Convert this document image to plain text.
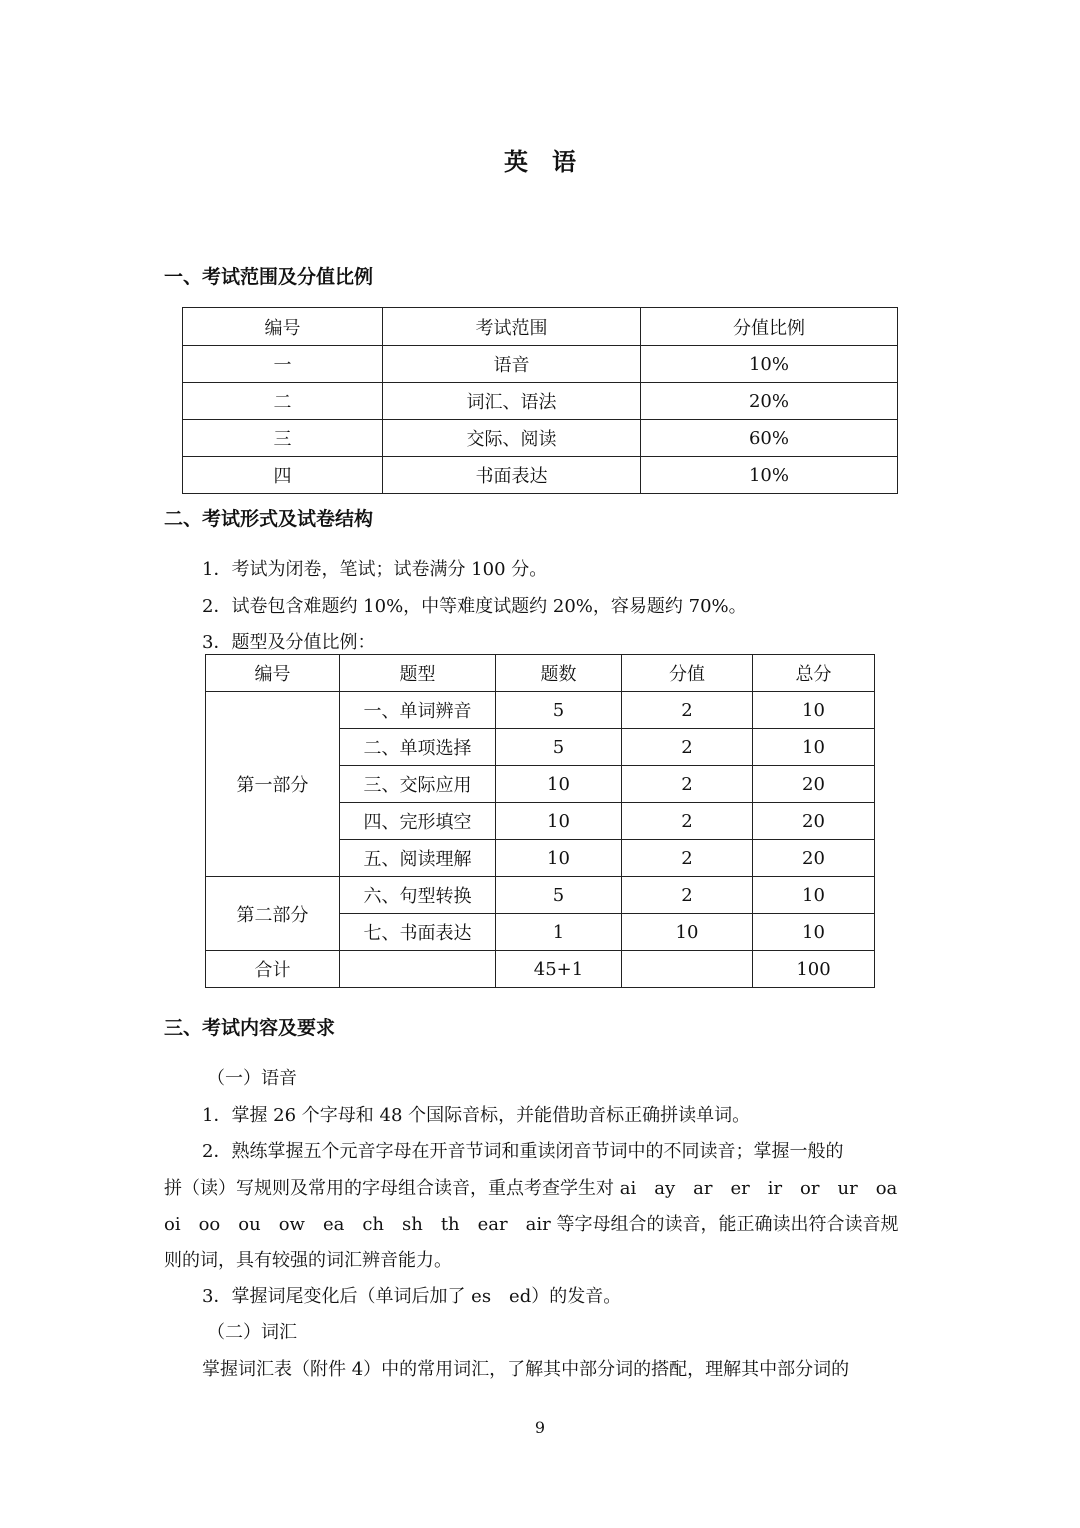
英　语
一、考试范围及分值比例
编号	考试范围	分值比例
一	语音	10%
二	词汇、语法	20%
三	交际、阅读	60%
四	书面表达	10%
二、考试形式及试卷结构
1．考试为闭卷，笔试；试卷满分 100 分。
2．试卷包含难题约 10%，中等难度试题约 20%，容易题约 70%。
3．题型及分值比例：
编号	题型	题数	分值	总分
第一部分	一、单词辨音	5	2	10
	二、单项选择	5	2	10
	三、交际应用	10	2	20
	四、完形填空	10	2	20
	五、阅读理解	10	2	20
第二部分	六、句型转换	5	2	10
	七、书面表达	1	10	10
合计		45+1		100
三、考试内容及要求
（一）语音
1．掌握 26 个字母和 48 个国际音标，并能借助音标正确拼读单词。
2．熟练掌握五个元音字母在开音节词和重读闭音节词中的不同读音；掌握一般的
拼（读）写规则及常用的字母组合读音，重点考查学生对 ai　ay　ar　er　ir　or　ur　oa
oi　oo　ou　ow　ea　ch　sh　th　ear　air 等字母组合的读音，能正确读出符合读音规
则的词，具有较强的词汇辨音能力。
3．掌握词尾变化后（单词后加了 es　ed）的发音。
（二）词汇
掌握词汇表（附件 4）中的常用词汇，了解其中部分词的搭配，理解其中部分词的
9
